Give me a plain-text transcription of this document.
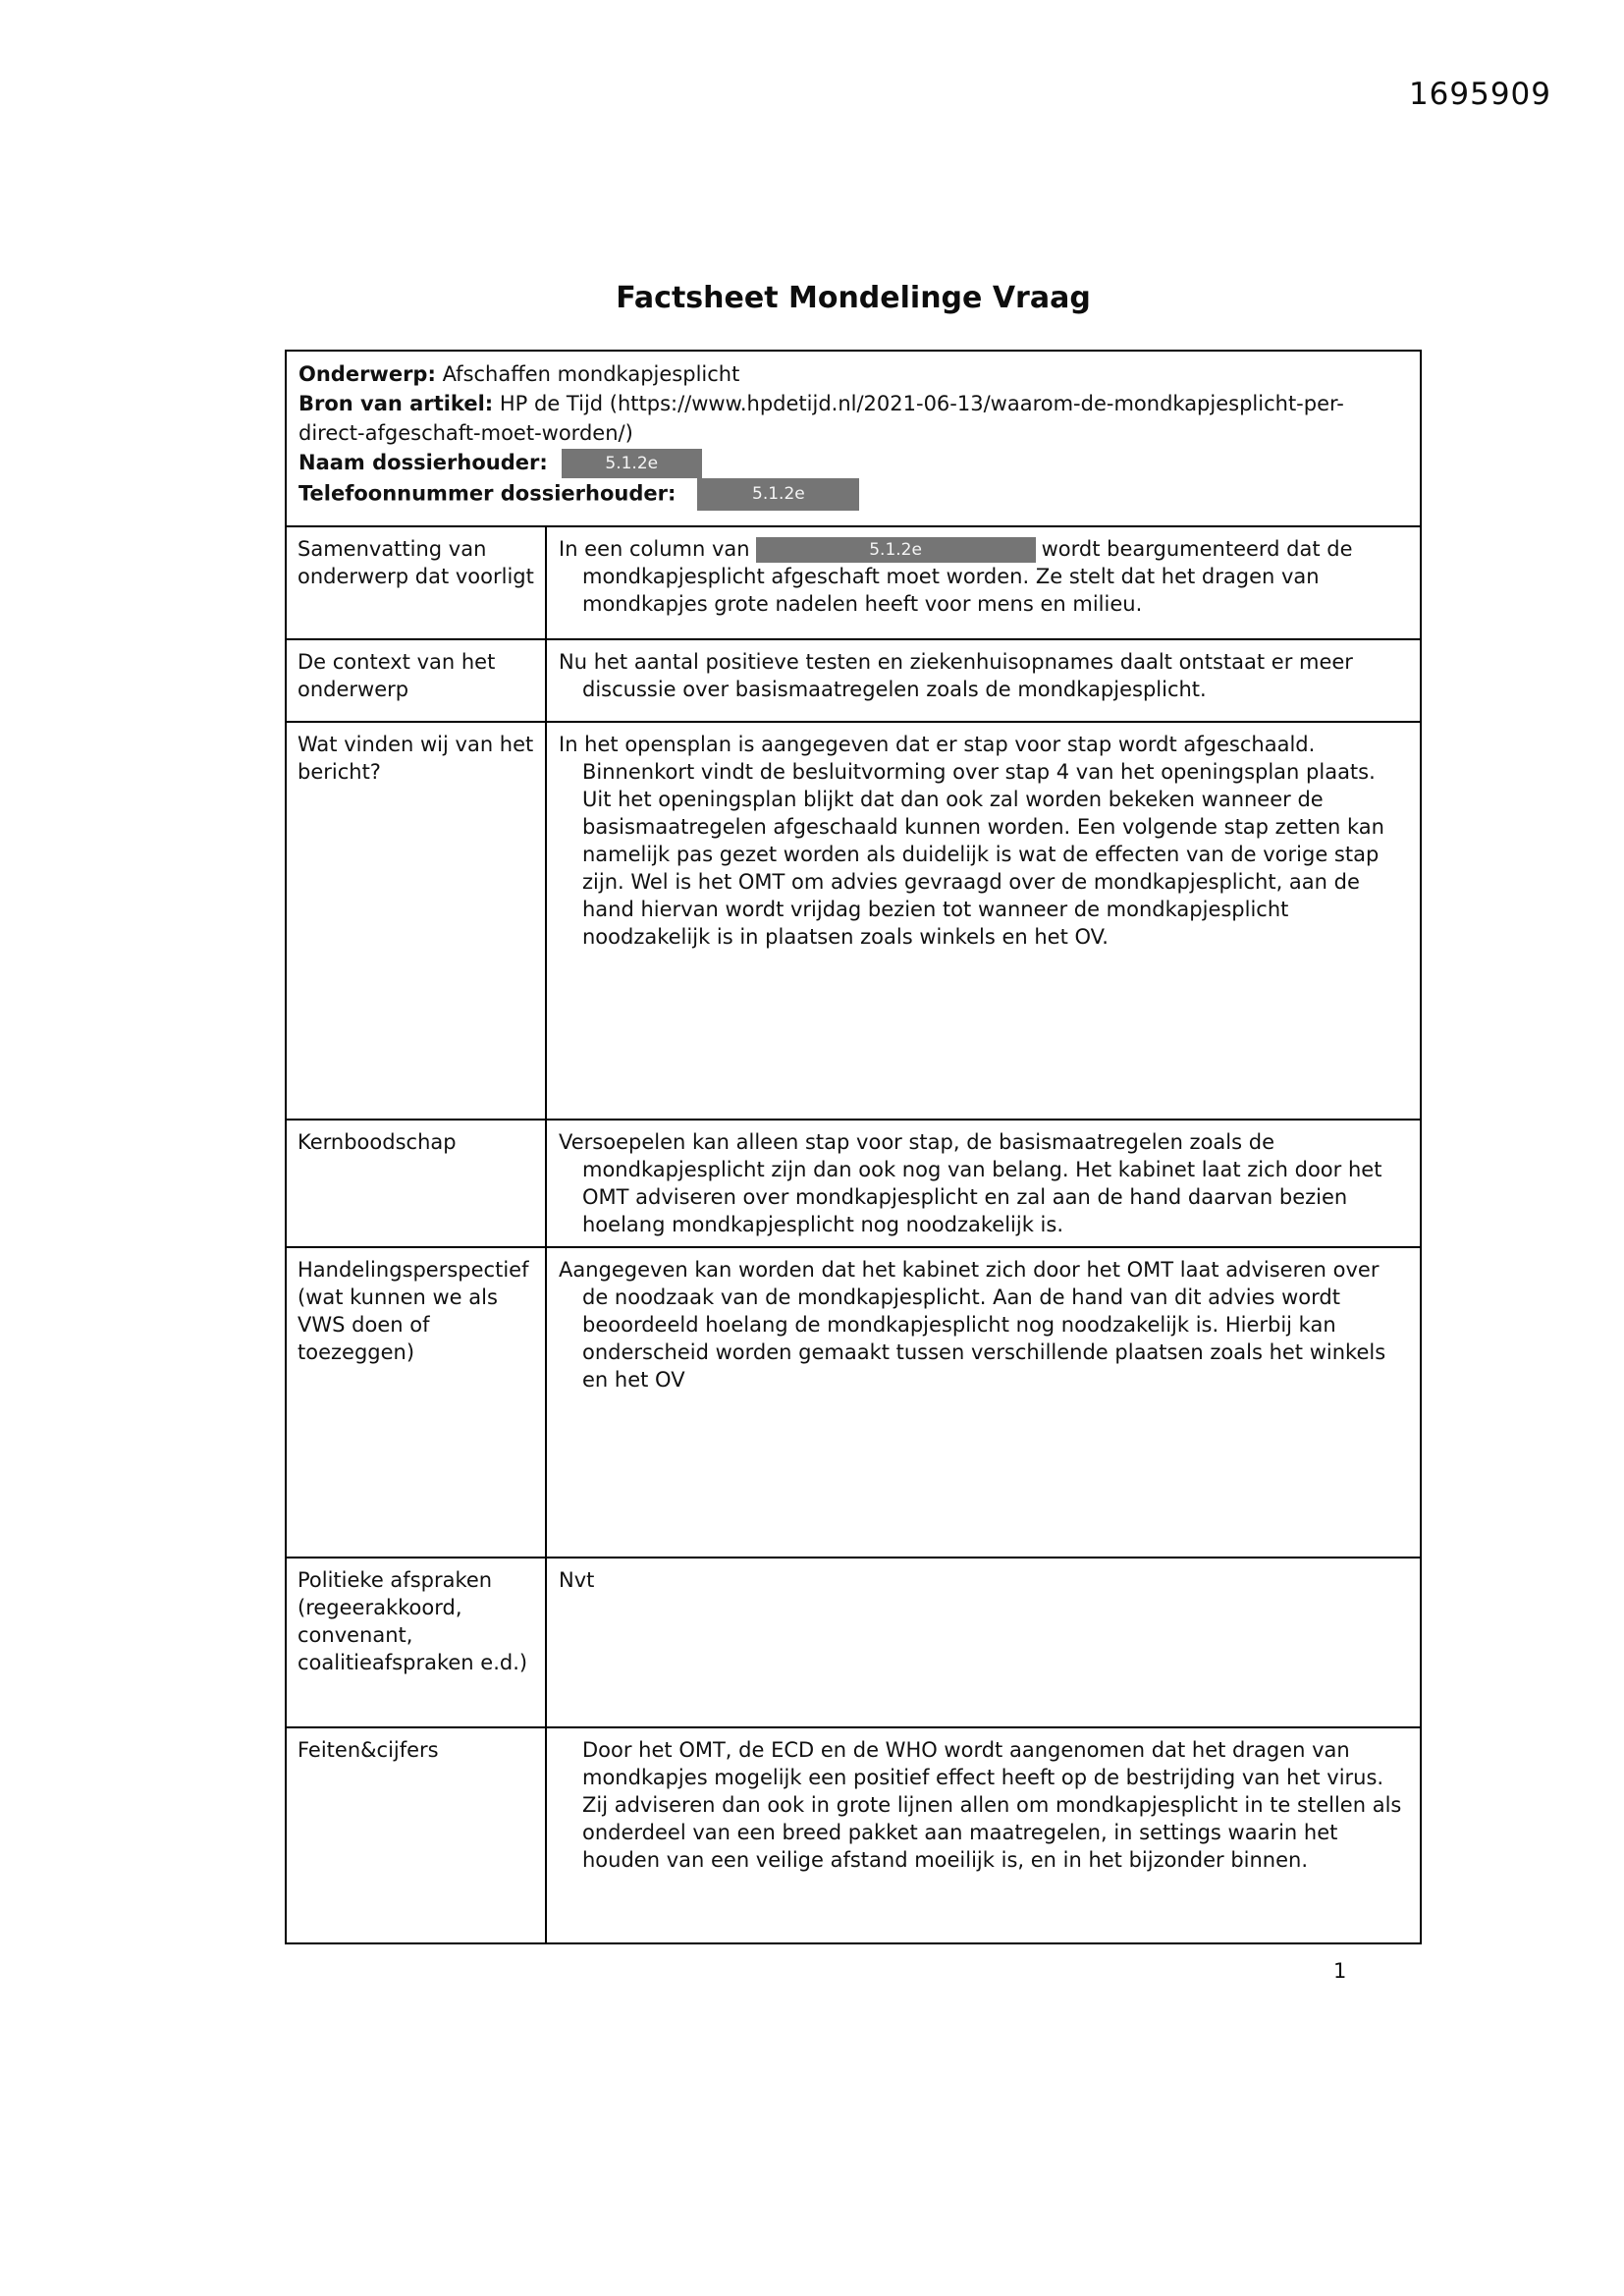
1695909
Factsheet Mondelinge Vraag
Onderwerp: Afschaffen mondkapjesplicht
Bron van artikel: HP de Tijd (https://www.hpdetijd.nl/2021-06-13/waarom-de-mondkapjesplicht-per-direct-afgeschaft-moet-worden/)
Naam dossierhouder:	5.1.2e
Telefoonnummer dossierhouder:	5.1.2e
Samenvatting van onderwerp dat voorligt

In een column van	5.1.2e	wordt beargumenteerd dat de mondkapjesplicht afgeschaft moet worden. Ze stelt dat het dragen van mondkapjes grote nadelen heeft voor mens en milieu.

De context van het onderwerp

Nu het aantal positieve testen en ziekenhuisopnames daalt ontstaat er meer discussie over basismaatregelen zoals de mondkapjesplicht.

Wat vinden wij van het bericht?

In het opensplan is aangegeven dat er stap voor stap wordt afgeschaald. Binnenkort vindt de besluitvorming over stap 4 van het openingsplan plaats. Uit het openingsplan blijkt dat dan ook zal worden bekeken wanneer de basismaatregelen afgeschaald kunnen worden. Een volgende stap zetten kan namelijk pas gezet worden als duidelijk is wat de effecten van de vorige stap zijn. Wel is het OMT om advies gevraagd over de mondkapjesplicht, aan de hand hiervan wordt vrijdag bezien tot wanneer de mondkapjesplicht noodzakelijk is in plaatsen zoals winkels en het OV.

Kernboodschap	Versoepelen kan alleen stap voor stap, de basismaatregelen zoals de mondkapjesplicht zijn dan ook nog van belang. Het kabinet laat zich door het OMT adviseren over mondkapjesplicht en zal aan de hand daarvan bezien hoelang mondkapjesplicht nog noodzakelijk is.

Handelingsperspectief (wat kunnen we als VWS doen of toezeggen)

Aangegeven kan worden dat het kabinet zich door het OMT laat adviseren over de noodzaak van de mondkapjesplicht. Aan de hand van dit advies wordt beoordeeld hoelang de mondkapjesplicht nog noodzakelijk is. Hierbij kan onderscheid worden gemaakt tussen verschillende plaatsen zoals het winkels en het OV

Politieke afspraken (regeerakkoord, convenant, coalitieafspraken e.d.)

Nvt

Feiten&cijfers	Door het OMT, de ECD en de WHO wordt aangenomen dat het dragen van mondkapjes mogelijk een positief effect heeft op de bestrijding van het virus. Zij adviseren dan ook in grote lijnen allen om mondkapjesplicht in te stellen als onderdeel van een breed pakket aan maatregelen, in settings waarin het houden van een veilige afstand moeilijk is, en in het bijzonder binnen.

1
